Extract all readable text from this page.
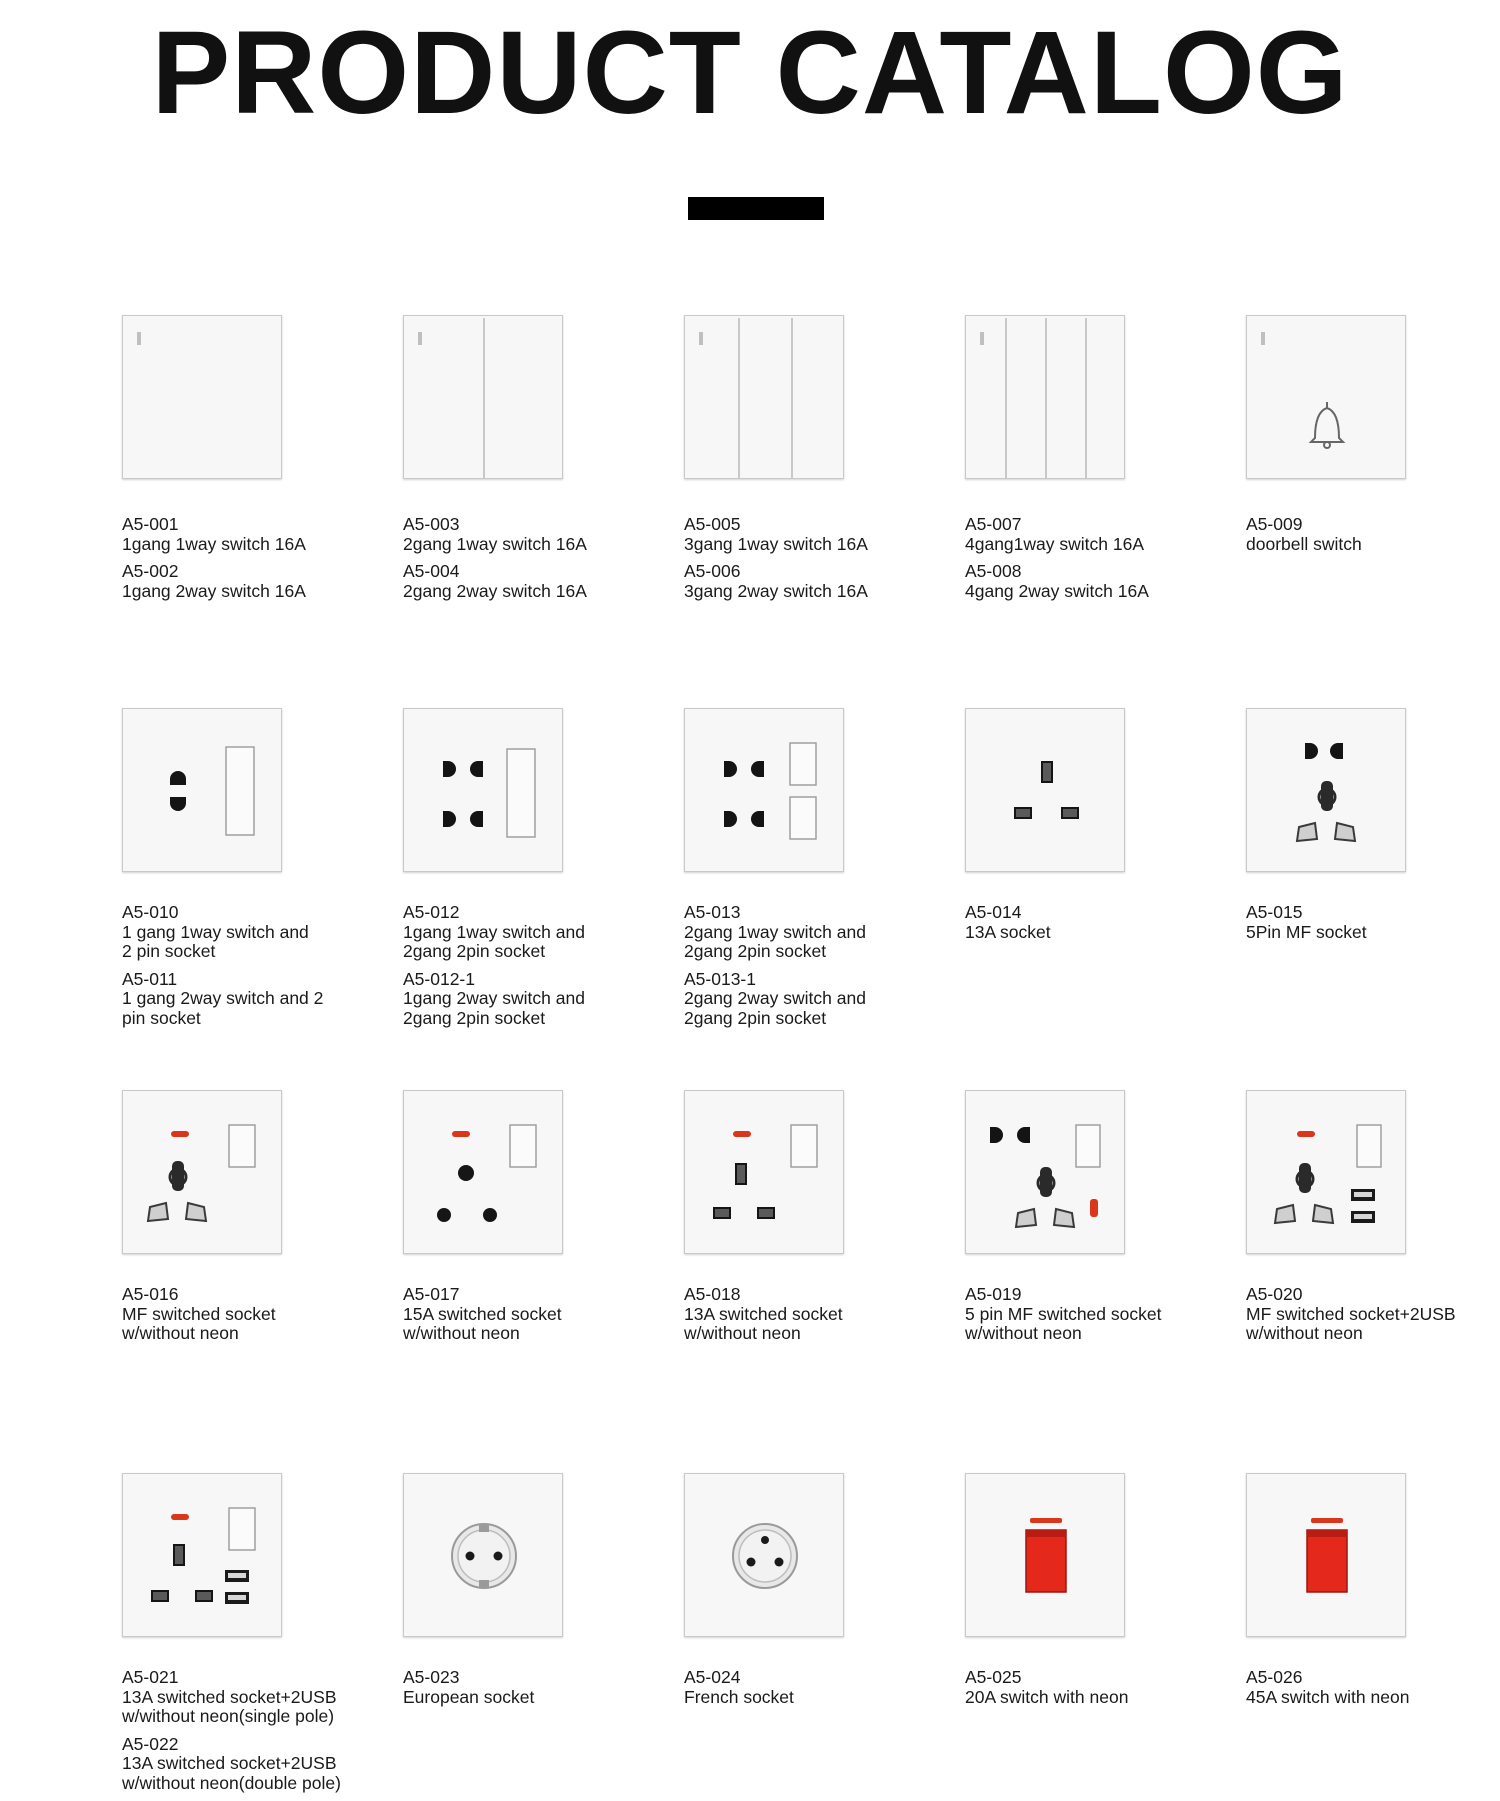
PRODUCT CATALOG
A5-001
1gang 1way switch 16A
A5-002
1gang 2way switch 16A
A5-003
2gang 1way switch 16A
A5-004
2gang 2way switch 16A
A5-005
3gang 1way switch 16A
A5-006
3gang 2way switch 16A
A5-007
4gang1way switch 16A
A5-008
4gang 2way switch 16A
A5-009
doorbell switch
A5-010
1 gang 1way switch and
2 pin socket
A5-011
1 gang 2way switch and 2
pin socket
A5-012
1gang 1way switch and
2gang 2pin socket
A5-012-1
1gang 2way switch and
2gang 2pin socket
A5-013
2gang 1way switch and
2gang 2pin socket
A5-013-1
2gang 2way switch and
2gang 2pin socket
A5-014
13A socket
A5-015
5Pin MF socket
A5-016
MF switched socket
w/without neon
A5-017
15A switched socket
w/without neon
A5-018
13A switched socket
w/without neon
A5-019
5 pin MF switched socket
w/without neon
A5-020
MF switched socket+2USB
w/without neon
A5-021
13A switched socket+2USB
w/without neon(single pole)
A5-022
13A switched socket+2USB
w/without neon(double pole)
A5-023
European socket
A5-024
French socket
A5-025
20A switch with neon
A5-026
45A switch with neon
